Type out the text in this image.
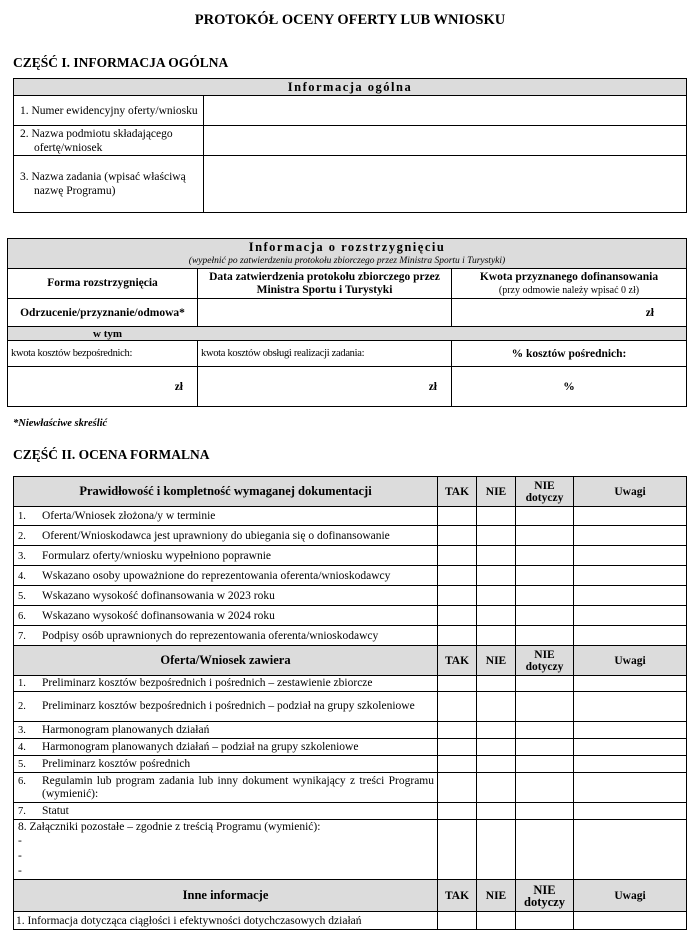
PROTOKÓŁ OCENY OFERTY LUB WNIOSKU
CZĘŚĆ I. INFORMACJA OGÓLNA
Informacja ogólna	
1. Numer ewidencyjny oferty/wniosku	
2. Nazwa podmiotu składającego ofertę/wniosek	
3. Nazwa zadania (wpisać właściwą nazwę Programu)	
Informacja o rozstrzygnięciu
(wypełnić po zatwierdzeniu protokołu zbiorczego przez Ministra Sportu i Turystyki)		

Forma rozstrzygnięcia	Data zatwierdzenia protokołu zbiorczego przez Ministra Sportu i Turystyki	Kwota przyznanego dofinansowania
(przy odmowie należy wpisać 0 zł)
Odrzucenie/przyznanie/odmowa*		zł
w tym		
kwota kosztów bezpośrednich:	kwota kosztów obsługi realizacji zadania:	% kosztów pośrednich:
zł	zł	%
*Niewłaściwe skreślić
CZĘŚĆ II. OCENA FORMALNA
Prawidłowość i kompletność wymaganej dokumentacji	TAK	NIE	NIE dotyczy	Uwagi
1. Oferta/Wniosek złożona/y w terminie				
2. Oferent/Wnioskodawca jest uprawniony do ubiegania się o dofinansowanie				
3. Formularz oferty/wniosku wypełniono poprawnie				
4. Wskazano osoby upoważnione do reprezentowania oferenta/wnioskodawcy				
5. Wskazano wysokość dofinansowania w 2023 roku				
6. Wskazano wysokość dofinansowania w 2024 roku				
7. Podpisy osób uprawnionych do reprezentowania oferenta/wnioskodawcy				
Oferta/Wniosek zawiera	TAK	NIE	NIE dotyczy	Uwagi

1. Preliminarz kosztów bezpośrednich i pośrednich – zestawienie zbiorcze				

2. Preliminarz kosztów bezpośrednich i pośrednich – podział na grupy szkoleniowe				

3. Harmonogram planowanych działań				

4. Harmonogram planowanych działań – podział na grupy szkoleniowe				

5. Preliminarz kosztów pośrednich				

6. Regulamin lub program zadania lub inny dokument wynikający z treści Programu (wymienić):				

7. Statut				

8. Załączniki pozostałe – zgodnie z treścią Programu (wymienić):
-
-
-				

Inne informacje	TAK	NIE	NIE dotyczy	Uwagi
1. Informacja dotycząca ciągłości i efektywności dotychczasowych działań				
